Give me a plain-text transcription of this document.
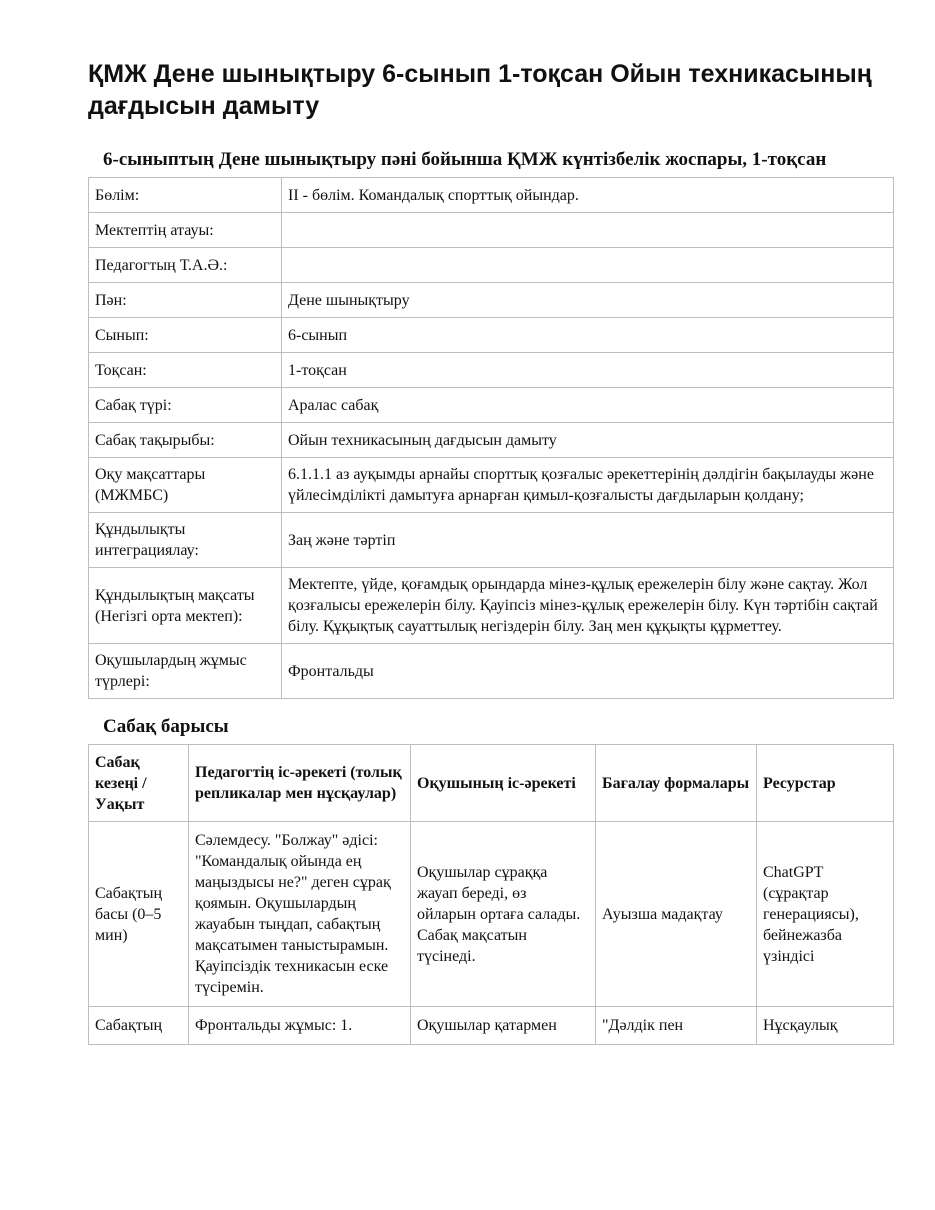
ҚМЖ Дене шынықтыру 6-сынып 1-тоқсан Ойын техникасының дағдысын дамыту
6-сыныптың Дене шынықтыру пәні бойынша ҚМЖ күнтізбелік жоспары, 1-тоқсан
Бөлім:	ІІ - бөлім. Командалық спорттық ойындар.
Мектептің атауы:	
Педагогтың Т.А.Ә.:	
Пән:	Дене шынықтыру
Сынып:	6-сынып
Тоқсан:	1-тоқсан
Сабақ түрі:	Аралас сабақ
Сабақ тақырыбы:	Ойын техникасының дағдысын дамыту
Оқу мақсаттары (МЖМБС)	6.1.1.1 аз ауқымды арнайы спорттық қозғалыс әрекеттерінің дәлдігін бақылауды және үйлесімділікті дамытуға арнарған қимыл-қозғалысты дағдыларын қолдану;
Құндылықты интеграциялау:	Заң және тәртіп
Құндылықтың мақсаты (Негізгі орта мектеп):	Мектепте, үйде, қоғамдық орындарда мінез-құлық ережелерін білу және сақтау. Жол қозғалысы ережелерін білу. Қауіпсіз мінез-құлық ережелерін білу. Күн тәртібін сақтай білу. Құқықтық сауаттылық негіздерін білу. Заң мен құқықты құрметтеу.
Оқушылардың жұмыс түрлері:	Фронтальды
Сабақ барысы
Сабақ кезеңі / Уақыт	Педагогтің іс-әрекеті (толық репликалар мен нұсқаулар)	Оқушының іс-әрекеті	Бағалау формалары	Ресурстар
Сабақтың басы (0–5 мин)	Сәлемдесу. "Болжау" әдісі: "Командалық ойында ең маңыздысы не?" деген сұрақ қоямын. Оқушылардың жауабын тыңдап, сабақтың мақсатымен таныстырамын. Қауіпсіздік техникасын еске түсіремін.	Оқушылар сұраққа жауап береді, өз ойларын ортаға салады. Сабақ мақсатын түсінеді.	Ауызша мадақтау	ChatGPT (сұрақтар генерациясы), бейнежазба үзіндісі
Сабақтың	Фронтальды жұмыс: 1.	Оқушылар қатармен	"Дәлдік пен	Нұсқаулық
